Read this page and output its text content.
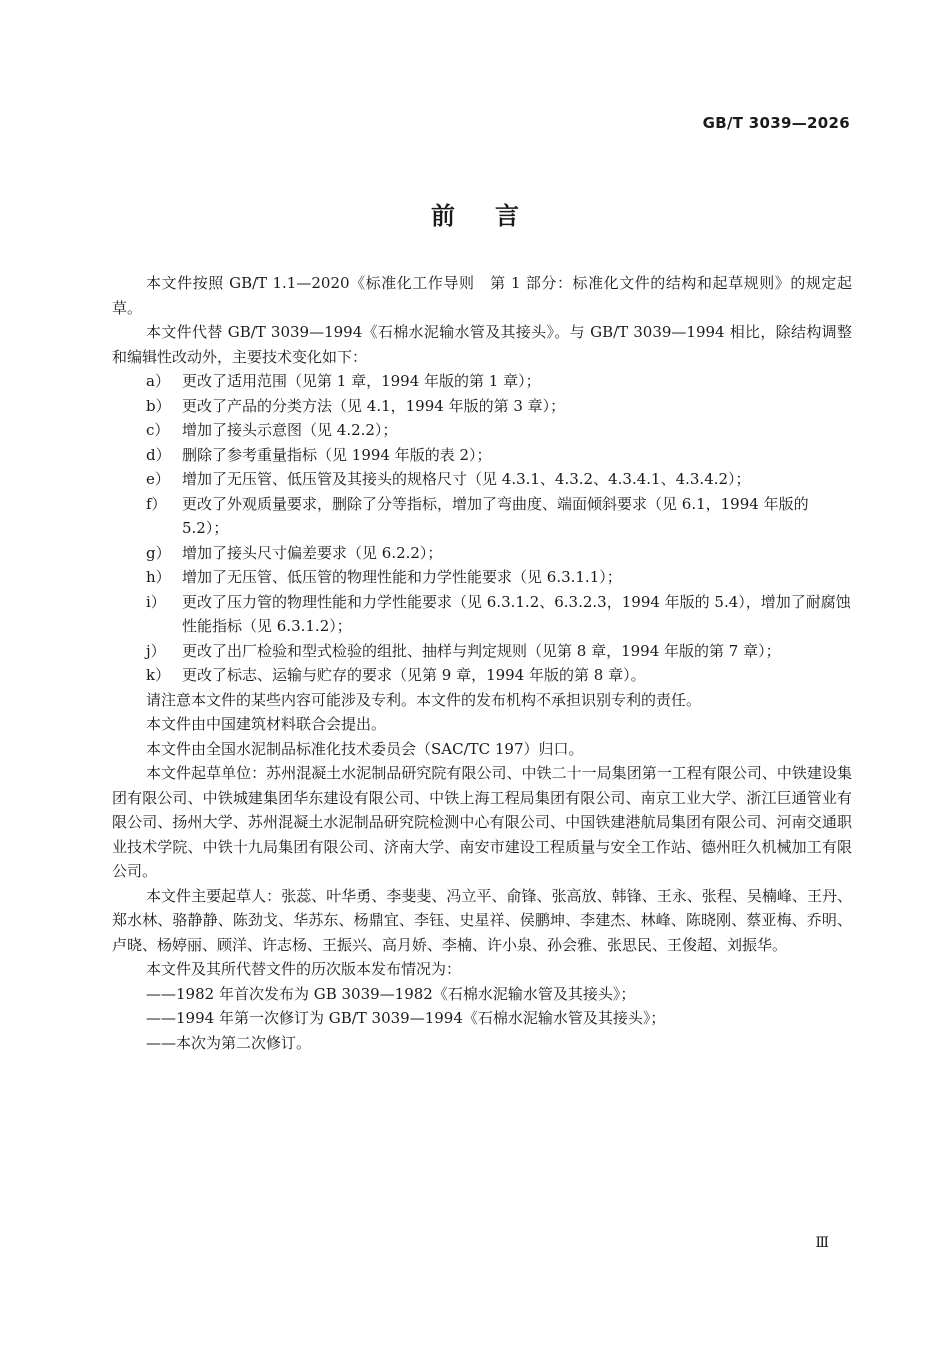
GB/T 3039—2026
前言

本文件按照 GB/T 1.1—2020《标准化工作导则　第 1 部分：标准化文件的结构和起草规则》的规定起草。

本文件代替 GB/T 3039—1994《石棉水泥输水管及其接头》。与 GB/T 3039—1994 相比，除结构调整和编辑性改动外，主要技术变化如下：

a） 更改了适用范围（见第 1 章，1994 年版的第 1 章）；
b） 更改了产品的分类方法（见 4.1，1994 年版的第 3 章）；
c） 增加了接头示意图（见 4.2.2）；
d） 删除了参考重量指标（见 1994 年版的表 2）；
e） 增加了无压管、低压管及其接头的规格尺寸（见 4.3.1、4.3.2、4.3.4.1、4.3.4.2）；
f） 更改了外观质量要求，删除了分等指标，增加了弯曲度、端面倾斜要求（见 6.1，1994 年版的 5.2）；
g） 增加了接头尺寸偏差要求（见 6.2.2）；
h） 增加了无压管、低压管的物理性能和力学性能要求（见 6.3.1.1）；
i） 更改了压力管的物理性能和力学性能要求（见 6.3.1.2、6.3.2.3，1994 年版的 5.4），增加了耐腐蚀性能指标（见 6.3.1.2）；
j） 更改了出厂检验和型式检验的组批、抽样与判定规则（见第 8 章，1994 年版的第 7 章）；
k） 更改了标志、运输与贮存的要求（见第 9 章，1994 年版的第 8 章）。

请注意本文件的某些内容可能涉及专利。本文件的发布机构不承担识别专利的责任。

本文件由中国建筑材料联合会提出。

本文件由全国水泥制品标准化技术委员会（SAC/TC 197）归口。

本文件起草单位：苏州混凝土水泥制品研究院有限公司、中铁二十一局集团第一工程有限公司、中铁建设集团有限公司、中铁城建集团华东建设有限公司、中铁上海工程局集团有限公司、南京工业大学、浙江巨通管业有限公司、扬州大学、苏州混凝土水泥制品研究院检测中心有限公司、中国铁建港航局集团有限公司、河南交通职业技术学院、中铁十九局集团有限公司、济南大学、南安市建设工程质量与安全工作站、德州旺久机械加工有限公司。

本文件主要起草人：张蕊、叶华勇、李斐斐、冯立平、俞锋、张高放、韩锋、王永、张程、吴楠峰、王丹、郑水林、骆静静、陈劲戈、华苏东、杨鼎宜、李钰、史星祥、侯鹏坤、李建杰、林峰、陈晓刚、蔡亚梅、乔明、卢晓、杨婷丽、顾洋、许志杨、王振兴、高月娇、李楠、许小泉、孙会雅、张思民、王俊超、刘振华。

本文件及其所代替文件的历次版本发布情况为：

——1982 年首次发布为 GB 3039—1982《石棉水泥输水管及其接头》；
——1994 年第一次修订为 GB/T 3039—1994《石棉水泥输水管及其接头》；
——本次为第二次修订。
Ⅲ
